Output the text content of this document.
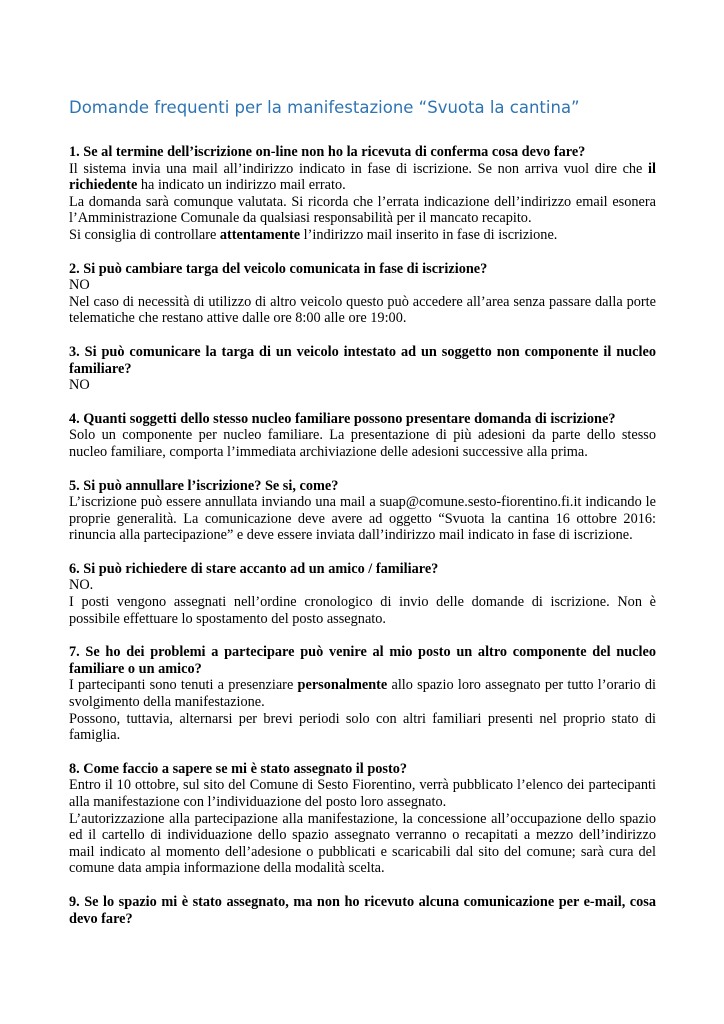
Domande frequenti per la manifestazione “Svuota la cantina”

1. Se al termine dell’iscrizione on-line non ho la ricevuta di conferma cosa devo fare?

Il sistema invia una mail all’indirizzo indicato in fase di iscrizione. Se non arriva vuol dire che il richiedente ha indicato un indirizzo mail errato.

La domanda sarà comunque valutata. Si ricorda che l’errata indicazione dell’indirizzo email esonera l’Amministrazione Comunale da qualsiasi responsabilità per il mancato recapito.

Si consiglia di controllare attentamente l’indirizzo mail inserito in fase di iscrizione.

2. Si può cambiare targa del veicolo comunicata in fase di iscrizione?

NO

Nel caso di necessità di utilizzo di altro veicolo questo può accedere all’area senza passare dalla porte telematiche che restano attive dalle ore 8:00 alle ore 19:00.

3. Si può comunicare la targa di un veicolo intestato ad un soggetto non componente il nucleo familiare?

NO

4. Quanti soggetti dello stesso nucleo familiare possono presentare domanda di iscrizione?

Solo un componente per nucleo familiare. La presentazione di più adesioni da parte dello stesso nucleo familiare, comporta l’immediata archiviazione delle adesioni successive alla prima.

5. Si può annullare l’iscrizione? Se si, come?

L’iscrizione può essere annullata inviando una mail a suap@comune.sesto-fiorentino.fi.it indicando le proprie generalità. La comunicazione deve avere ad oggetto “Svuota la cantina 16 ottobre 2016: rinuncia alla partecipazione” e deve essere inviata dall’indirizzo mail indicato in fase di iscrizione.

6. Si può richiedere di stare accanto ad un amico / familiare?

NO.

I posti vengono assegnati nell’ordine cronologico di invio delle domande di iscrizione. Non è possibile effettuare lo spostamento del posto assegnato.

7. Se ho dei problemi a partecipare può venire al mio posto un altro componente del nucleo familiare o un amico?

I partecipanti sono tenuti a presenziare personalmente allo spazio loro assegnato per tutto l’orario di svolgimento della manifestazione.

Possono, tuttavia, alternarsi per brevi periodi solo con altri familiari presenti nel proprio stato di famiglia.

8. Come faccio a sapere se mi è stato assegnato il posto?

Entro il 10 ottobre, sul sito del Comune di Sesto Fiorentino, verrà pubblicato l’elenco dei partecipanti alla manifestazione con l’individuazione del posto loro assegnato.

L’autorizzazione alla partecipazione alla manifestazione, la concessione all’occupazione dello spazio ed il cartello di individuazione dello spazio assegnato verranno o recapitati a mezzo dell’indirizzo mail indicato al momento dell’adesione o pubblicati e scaricabili dal sito del comune; sarà cura del comune data ampia informazione della modalità scelta.

9. Se lo spazio mi è stato assegnato, ma non ho ricevuto alcuna comunicazione per e-mail, cosa devo fare?
